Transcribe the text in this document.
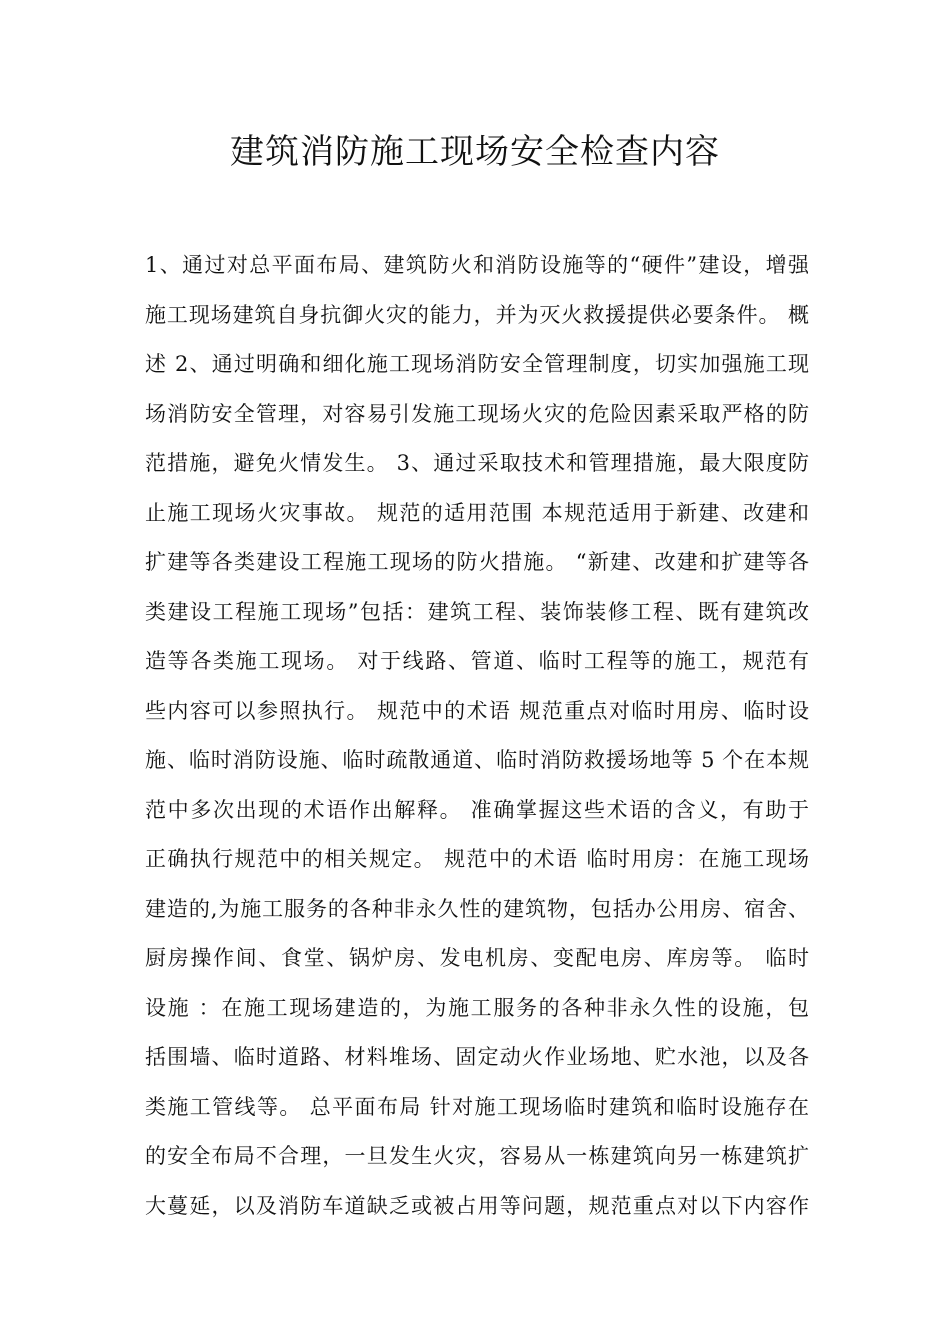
建筑消防施工现场安全检查内容
1、通过对总平面布局、建筑防火和消防设施等的“硬件”建设，增强
施工现场建筑自身抗御火灾的能力，并为灭火救援提供必要条件。 概
述 2、通过明确和细化施工现场消防安全管理制度，切实加强施工现
场消防安全管理，对容易引发施工现场火灾的危险因素采取严格的防
范措施，避免火情发生。 3、通过采取技术和管理措施，最大限度防
止施工现场火灾事故。 规范的适用范围 本规范适用于新建、改建和
扩建等各类建设工程施工现场的防火措施。 “新建、改建和扩建等各
类建设工程施工现场”包括：建筑工程、装饰装修工程、既有建筑改
造等各类施工现场。 对于线路、管道、临时工程等的施工，规范有
些内容可以参照执行。 规范中的术语 规范重点对临时用房、临时设
施、临时消防设施、临时疏散通道、临时消防救援场地等 5 个在本规
范中多次出现的术语作出解释。 准确掌握这些术语的含义，有助于
正确执行规范中的相关规定。 规范中的术语 临时用房：在施工现场
建造的,为施工服务的各种非永久性的建筑物，包括办公用房、宿舍、
厨房操作间、食堂、锅炉房、发电机房、变配电房、库房等。 临时
设施 ：在施工现场建造的，为施工服务的各种非永久性的设施，包
括围墙、临时道路、材料堆场、固定动火作业场地、贮水池，以及各
类施工管线等。 总平面布局 针对施工现场临时建筑和临时设施存在
的安全布局不合理，一旦发生火灾，容易从一栋建筑向另一栋建筑扩
大蔓延，以及消防车道缺乏或被占用等问题，规范重点对以下内容作
